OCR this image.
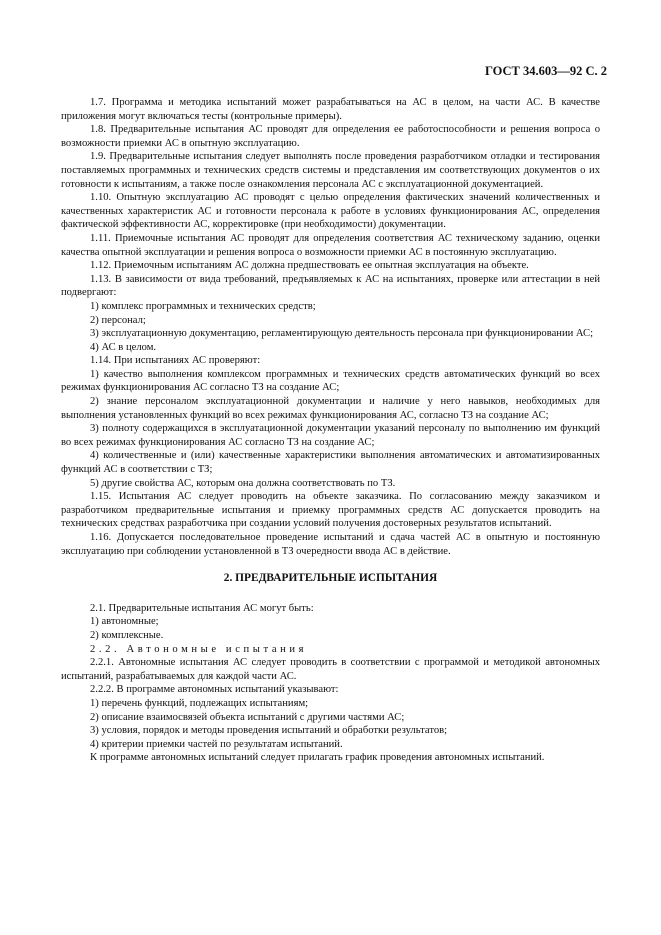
ГОСТ 34.603—92 С. 2

1.7. Программа и методика испытаний может разрабатываться на АС в целом, на части АС. В качестве приложения могут включаться тесты (контрольные примеры).

1.8. Предварительные испытания АС проводят для определения ее работоспособности и решения вопроса о возможности приемки АС в опытную эксплуатацию.

1.9. Предварительные испытания следует выполнять после проведения разработчиком отладки и тестирования поставляемых программных и технических средств системы и представления им соответствующих документов о их готовности к испытаниям, а также после ознакомления персонала АС с эксплуатационной документацией.

1.10. Опытную эксплуатацию АС проводят с целью определения фактических значений количественных и качественных характеристик АС и готовности персонала к работе в условиях функционирования АС, определения фактической эффективности АС, корректировке (при необходимости) документации.

1.11. Приемочные испытания АС проводят для определения соответствия АС техническому заданию, оценки качества опытной эксплуатации и решения вопроса о возможности приемки АС в постоянную эксплуатацию.

1.12. Приемочным испытаниям АС должна предшествовать ее опытная эксплуатация на объекте.

1.13. В зависимости от вида требований, предъявляемых к АС на испытаниях, проверке или аттестации в ней подвергают:

1) комплекс программных и технических средств;

2) персонал;

3) эксплуатационную документацию, регламентирующую деятельность персонала при функционировании АС;

4) АС в целом.

1.14. При испытаниях АС проверяют:

1) качество выполнения комплексом программных и технических средств автоматических функций во всех режимах функционирования АС согласно ТЗ на создание АС;

2) знание персоналом эксплуатационной документации и наличие у него навыков, необходимых для выполнения установленных функций во всех режимах функционирования АС, согласно ТЗ на создание АС;

3) полноту содержащихся в эксплуатационной документации указаний персоналу по выполнению им функций во всех режимах функционирования АС согласно ТЗ на создание АС;

4) количественные и (или) качественные характеристики выполнения автоматических и автоматизированных функций АС в соответствии с ТЗ;

5) другие свойства АС, которым она должна соответствовать по ТЗ.

1.15. Испытания АС следует проводить на объекте заказчика. По согласованию между заказчиком и разработчиком предварительные испытания и приемку программных средств АС допускается проводить на технических средствах разработчика при создании условий получения достоверных результатов испытаний.

1.16. Допускается последовательное проведение испытаний и сдача частей АС в опытную и постоянную эксплуатацию при соблюдении установленной в ТЗ очередности ввода АС в действие.

2. ПРЕДВАРИТЕЛЬНЫЕ ИСПЫТАНИЯ

2.1. Предварительные испытания АС могут быть:

1) автономные;

2) комплексные.

2.2. Автономные испытания

2.2.1. Автономные испытания АС следует проводить в соответствии с программой и методикой автономных испытаний, разрабатываемых для каждой части АС.

2.2.2. В программе автономных испытаний указывают:

1) перечень функций, подлежащих испытаниям;

2) описание взаимосвязей объекта испытаний с другими частями АС;

3) условия, порядок и методы проведения испытаний и обработки результатов;

4) критерии приемки частей по результатам испытаний.

К программе автономных испытаний следует прилагать график проведения автономных испытаний.
